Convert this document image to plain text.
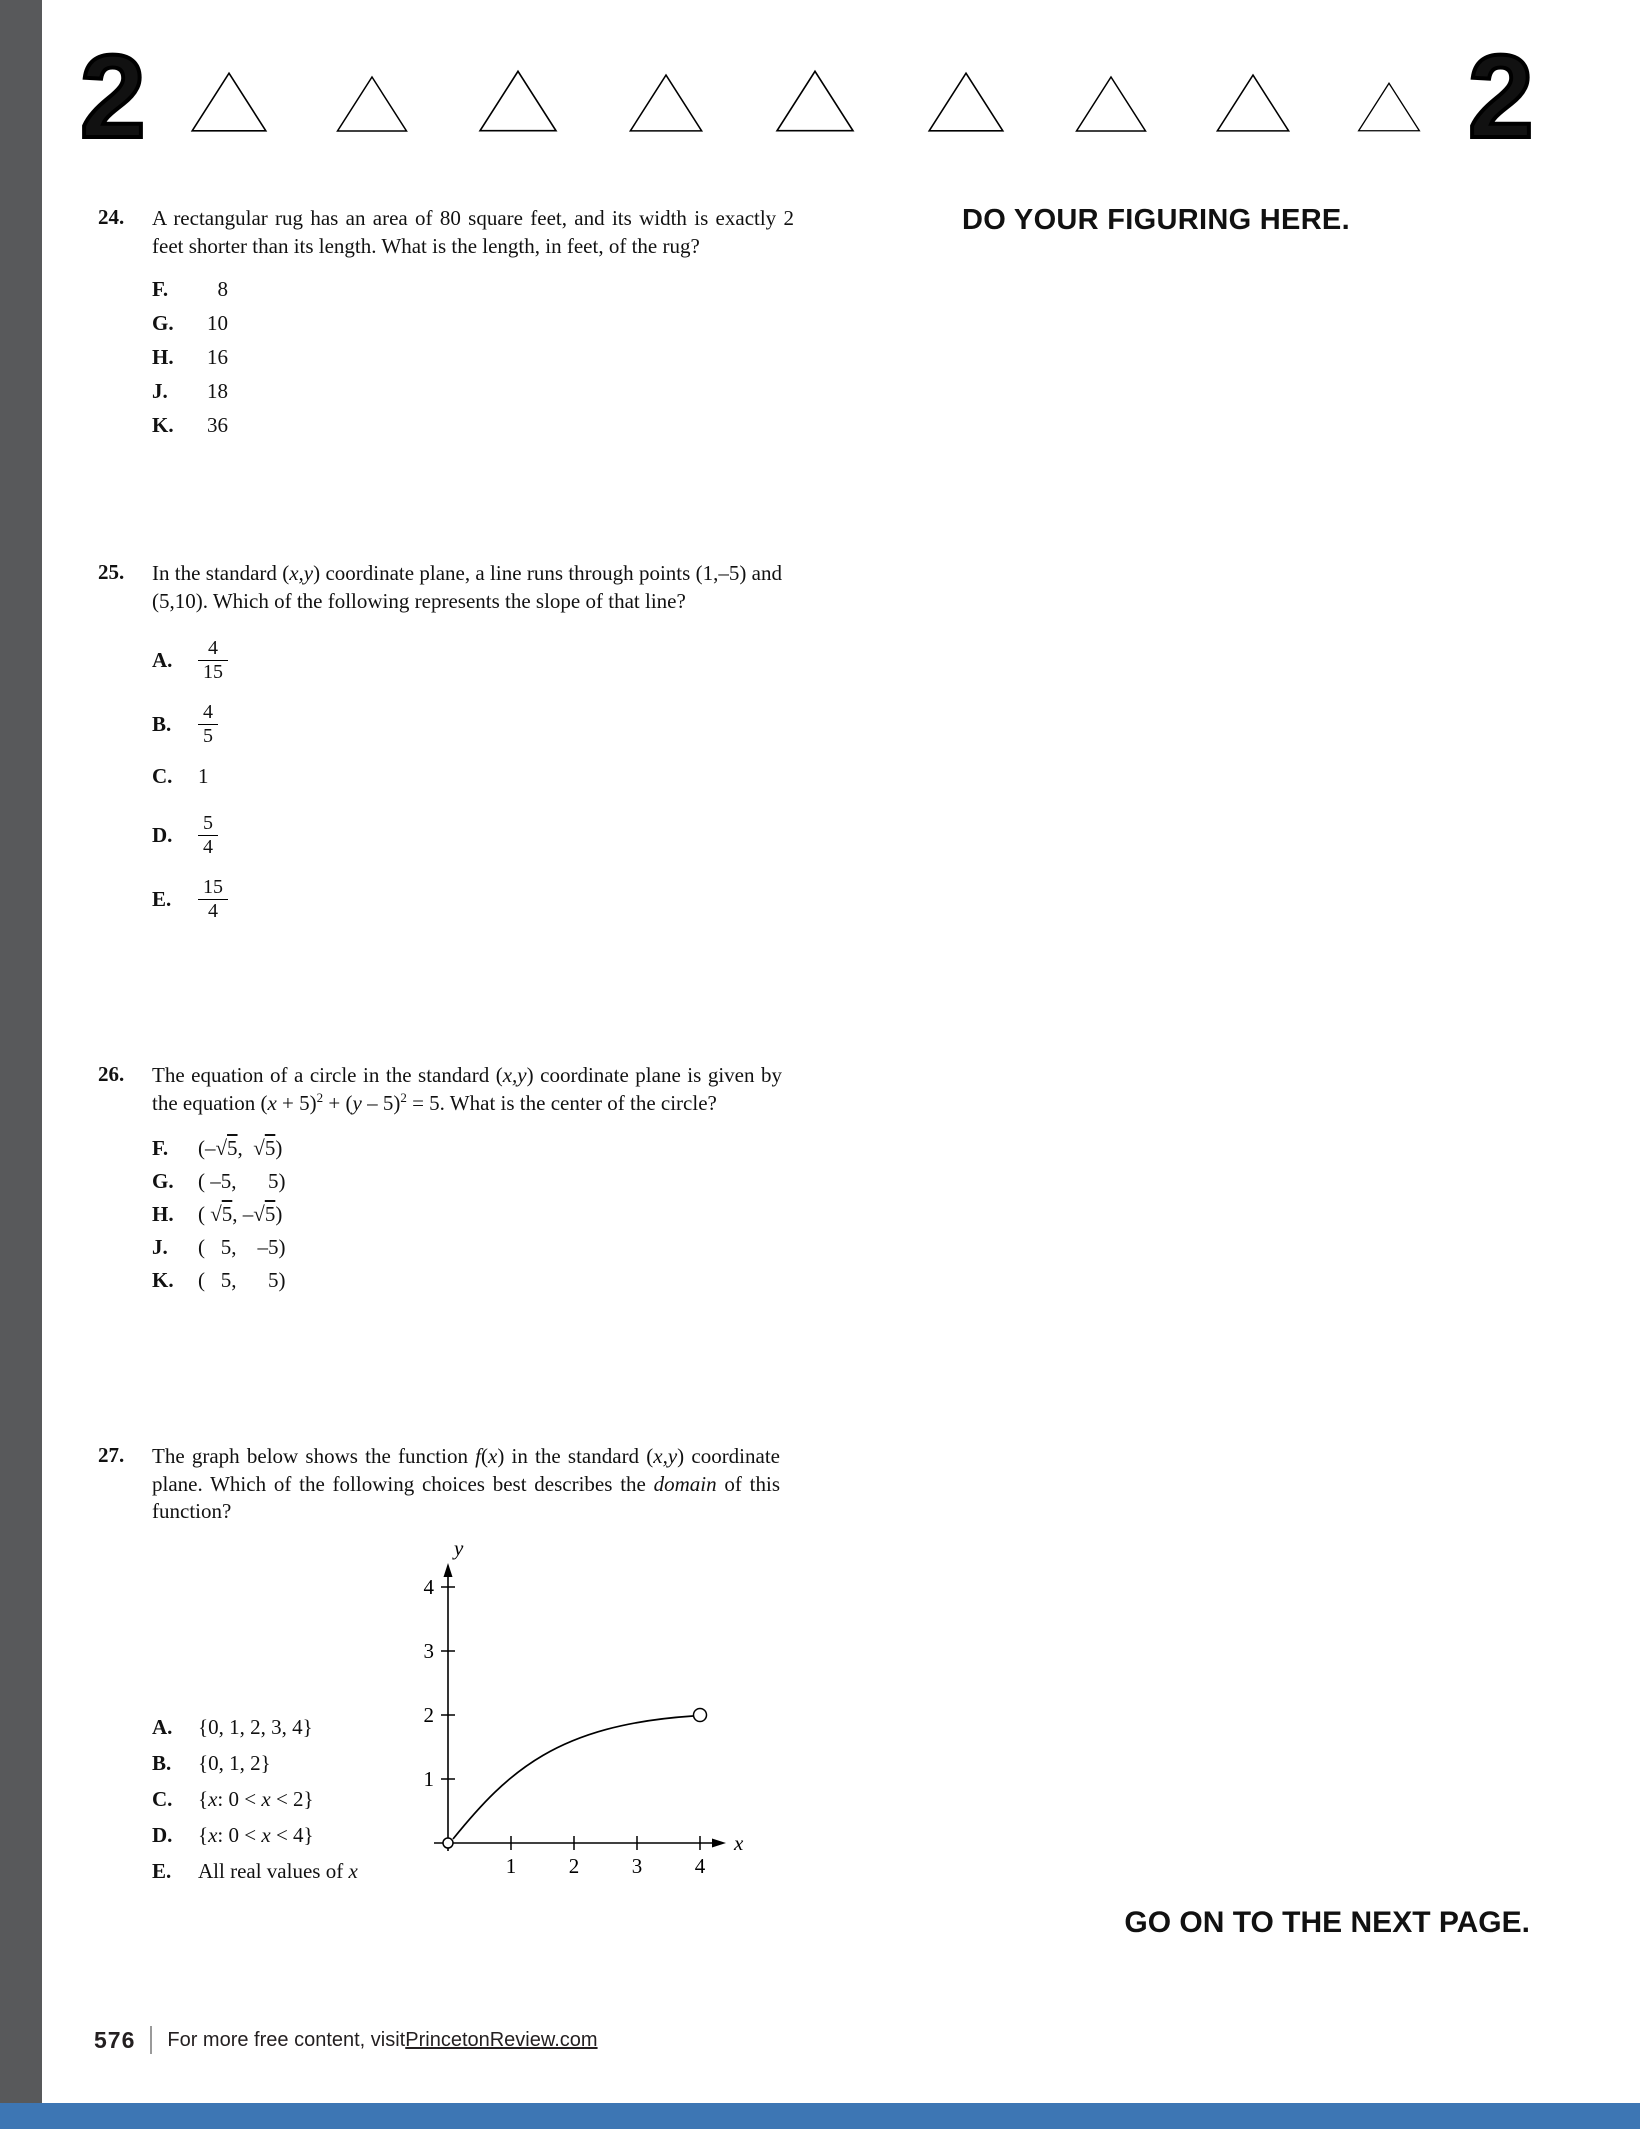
2	2
DO YOUR FIGURING HERE.
24. A rectangular rug has an area of 80 square feet, and its width is exactly 2 feet shorter than its length. What is the length, in feet, of the rug?
F.	8
G.	10
H.	16
J.	18
K.	36
25. In the standard (x,y) coordinate plane, a line runs through points (1,–5) and (5,10). Which of the following represents the slope of that line?
A.	$\frac{4}{15}$
B.	$\frac{4}{5}$
C.	1
D.	$\frac{5}{4}$
E.	$\frac{15}{4}$
26. The equation of a circle in the standard (x,y) coordinate plane is given by the equation $(x + 5)^2 + (y - 5)^2 = 5$. What is the center of the circle?
F.	(–√5,  √5)
G.	( –5,      5)
H.	( √5, –√5)
J.	(   5,    –5)
K.	(   5,      5)
27. The graph below shows the function f(x) in the standard (x,y) coordinate plane. Which of the following choices best describes the domain of this function?
y
x
1
2
3
4
1	2	3	4
A.	{0, 1, 2, 3, 4}
B.	{0, 1, 2}
C.	{x: 0 < x < 2}
D.	{x: 0 < x < 4}
E.	All real values of x
GO ON TO THE NEXT PAGE.
576 For more free content, visit PrincetonReview.com
